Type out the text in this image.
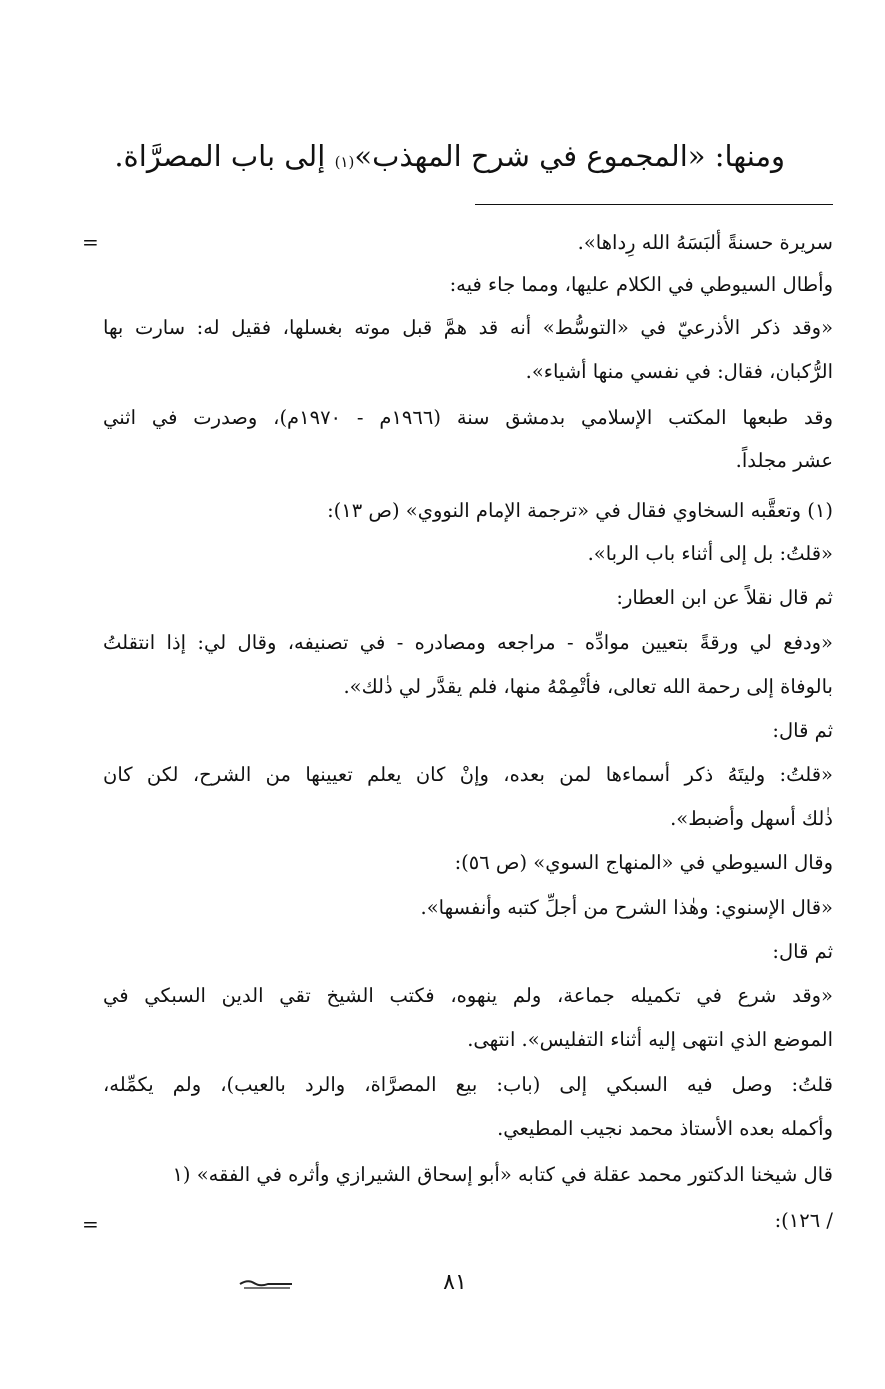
ومنها: «المجموع في شرح المهذب»$^{(١)}$ إلى باب المصرَّاة.
=	سريرة حسنةً ألبَسَهُ الله رِداها».
وأطال السيوطي في الكلام عليها، ومما جاء فيه:
«وقد ذكر الأذرعيّ في «التوسُّط» أنه قد همَّ قبل موته بغسلها، فقيل له: سارت بها
الرُّكبان، فقال: في نفسي منها أشياء».
وقد طبعها المكتب الإسلامي بدمشق سنة (١٩٦٦م - ١٩٧٠م)، وصدرت في اثني
عشر مجلداً.
(١) وتعقَّبه السخاوي فقال في «ترجمة الإمام النووي» (ص ١٣):
«قلتُ: بل إلى أثناء باب الربا».
ثم قال نقلاً عن ابن العطار:
«ودفع لي ورقةً بتعيين موادِّه - مراجعه ومصادره - في تصنيفه، وقال لي: إذا انتقلتُ
بالوفاة إلى رحمة الله تعالى، فأتْمِمْهُ منها، فلم يقدَّر لي ذٰلك».
ثم قال:
«قلتُ: وليتَهُ ذكر أسماءها لمن بعده، وإنْ كان يعلم تعيينها من الشرح، لكن كان
ذٰلك أسهل وأضبط».
وقال السيوطي في «المنهاج السوي» (ص ٥٦):
«قال الإسنوي: وهٰذا الشرح من أجلِّ كتبه وأنفسها».
ثم قال:
«وقد شرع في تكميله جماعة، ولم ينهوه، فكتب الشيخ تقي الدين السبكي في
الموضع الذي انتهى إليه أثناء التفليس». انتهى.
قلتُ: وصل فيه السبكي إلى (باب: بيع المصرَّاة، والرد بالعيب)، ولم يكمِّله،
وأكمله بعده الأستاذ محمد نجيب المطيعي.
قال شيخنا الدكتور محمد عقلة في كتابه «أبو إسحاق الشيرازي وأثره في الفقه» (١
/ ١٢٦):
=
٨١
